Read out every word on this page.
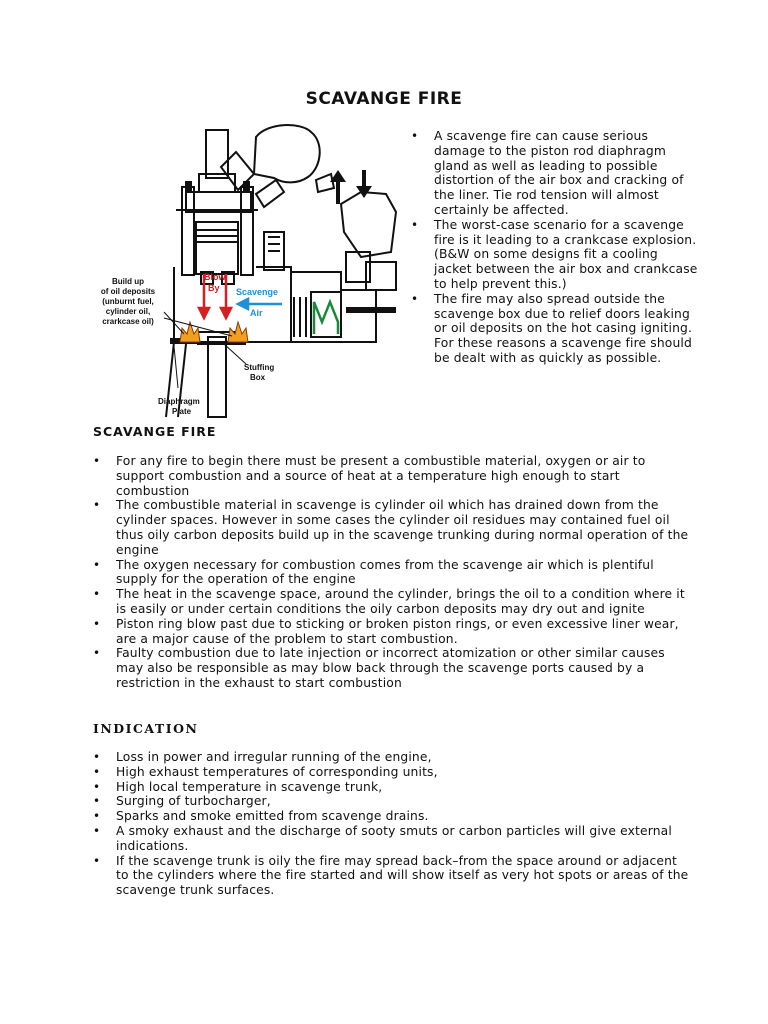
SCAVANGE FIRE
Blow
By Scavenge
Air
Build up
of oil deposits
(unburnt fuel,
cylinder oil,
crarkcase oil)
Stuffing
Box
Diaphragm
Plate
• A scavenge fire can cause serious damage to the piston rod diaphragm gland as well as leading to possible distortion of the air box and cracking of the liner. Tie rod tension will almost certainly be affected.
• The worst-case scenario for a scavenge fire is it leading to a crankcase explosion. (B&W on some designs fit a cooling jacket between the air box and crankcase to help prevent this.)
• The fire may also spread outside the scavenge box due to relief doors leaking or oil deposits on the hot casing igniting. For these reasons a scavenge fire should be dealt with as quickly as possible.
SCAVANGE FIRE
• For any fire to begin there must be present a combustible material, oxygen or air to support combustion and a source of heat at a temperature high enough to start combustion
• The combustible material in scavenge is cylinder oil which has drained down from the cylinder spaces. However in some cases the cylinder oil residues may contained fuel oil thus oily carbon deposits build up in the scavenge trunking during normal operation of the engine
• The oxygen necessary for combustion comes from the scavenge air which is plentiful supply for the operation of the engine
• The heat in the scavenge space, around the cylinder, brings the oil to a condition where it is easily or under certain conditions the oily carbon deposits may dry out and ignite
• Piston ring blow past due to sticking or broken piston rings, or even excessive liner wear, are a major cause of the problem to start combustion.
• Faulty combustion due to late injection or incorrect atomization or other similar causes may also be responsible as may blow back through the scavenge ports caused by a restriction in the exhaust to start combustion
INDICATION
• Loss in power and irregular running of the engine,
• High exhaust temperatures of corresponding units,
• High local temperature in scavenge trunk,
• Surging of turbocharger,
• Sparks and smoke emitted from scavenge drains.
• A smoky exhaust and the discharge of sooty smuts or carbon particles will give external indications.
• If the scavenge trunk is oily the fire may spread back–from the space around or adjacent to the cylinders where the fire started and will show itself as very hot spots or areas of the scavenge trunk surfaces.
